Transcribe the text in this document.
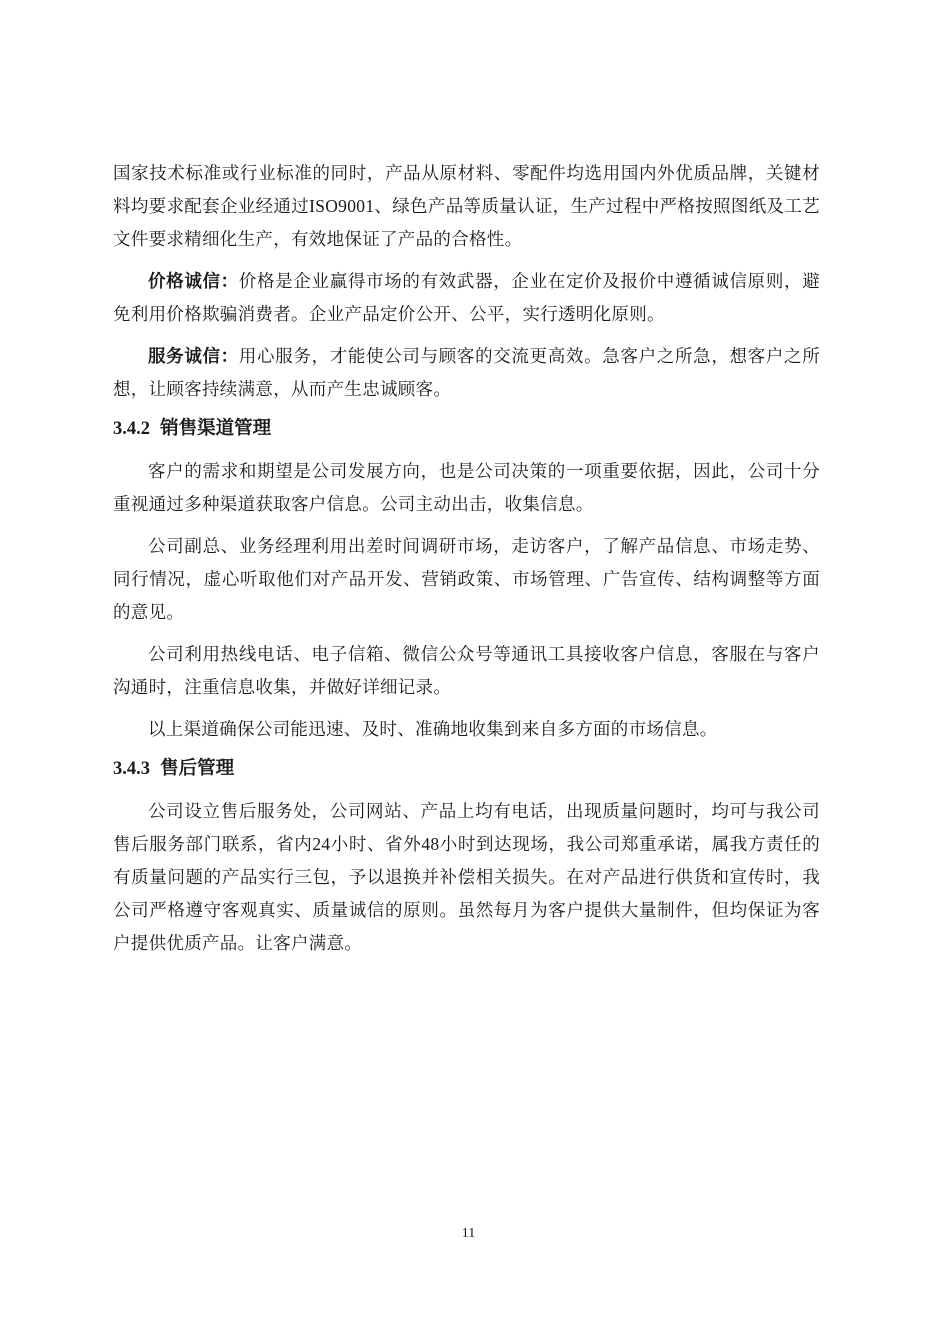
国家技术标准或行业标准的同时，产品从原材料、零配件均选用国内外优质品牌，关键材料均要求配套企业经通过ISO9001、绿色产品等质量认证，生产过程中严格按照图纸及工艺文件要求精细化生产，有效地保证了产品的合格性。

价格诚信：价格是企业赢得市场的有效武器，企业在定价及报价中遵循诚信原则，避免利用价格欺骗消费者。企业产品定价公开、公平，实行透明化原则。

服务诚信：用心服务，才能使公司与顾客的交流更高效。急客户之所急，想客户之所想，让顾客持续满意，从而产生忠诚顾客。

3.4.2 销售渠道管理

客户的需求和期望是公司发展方向，也是公司决策的一项重要依据，因此，公司十分重视通过多种渠道获取客户信息。公司主动出击，收集信息。

公司副总、业务经理利用出差时间调研市场，走访客户，了解产品信息、市场走势、同行情况，虚心听取他们对产品开发、营销政策、市场管理、广告宣传、结构调整等方面的意见。

公司利用热线电话、电子信箱、微信公众号等通讯工具接收客户信息，客服在与客户沟通时，注重信息收集，并做好详细记录。

以上渠道确保公司能迅速、及时、准确地收集到来自多方面的市场信息。

3.4.3 售后管理

公司设立售后服务处，公司网站、产品上均有电话，出现质量问题时，均可与我公司售后服务部门联系，省内24小时、省外48小时到达现场，我公司郑重承诺，属我方责任的有质量问题的产品实行三包，予以退换并补偿相关损失。在对产品进行供货和宣传时，我公司严格遵守客观真实、质量诚信的原则。虽然每月为客户提供大量制件，但均保证为客户提供优质产品。让客户满意。

11
